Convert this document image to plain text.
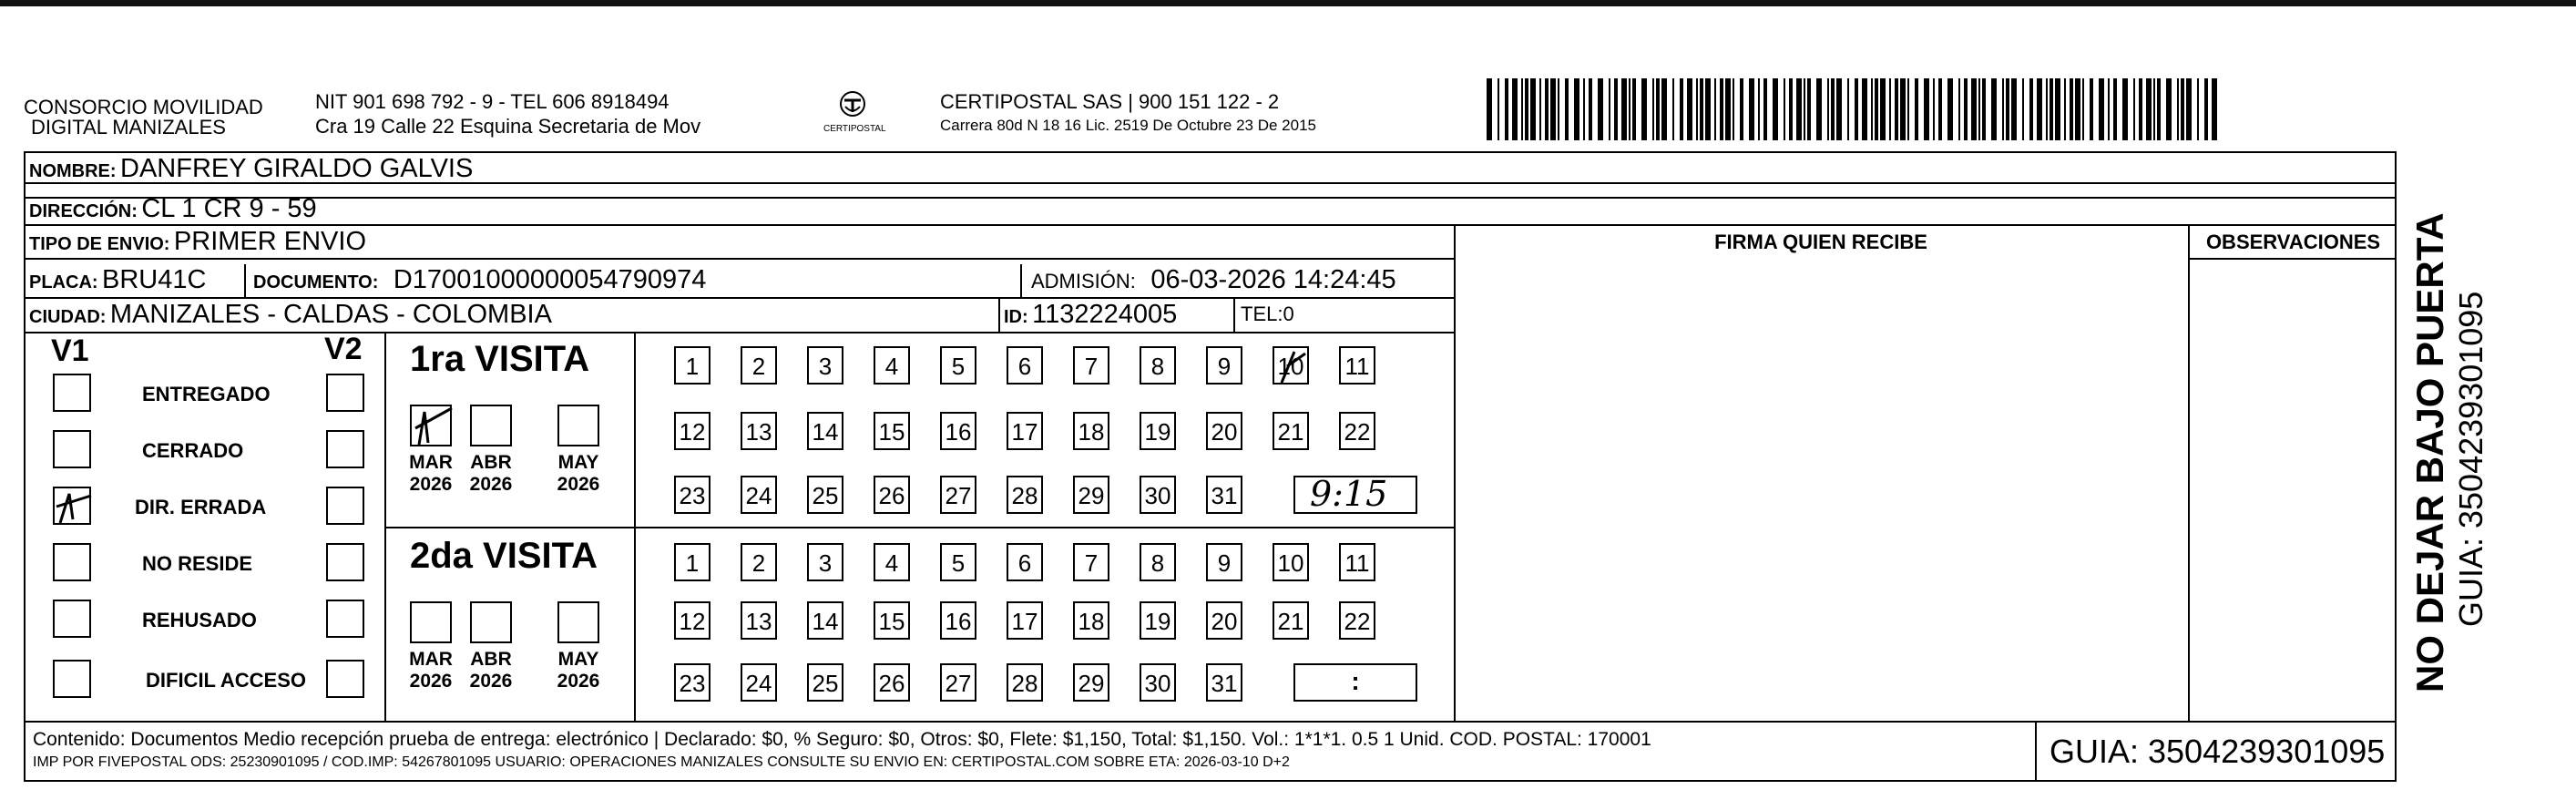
CONSORCIO MOVILIDAD
DIGITAL MANIZALES
NIT 901 698 792 - 9 - TEL 606 8918494
Cra 19 Calle 22 Esquina Secretaria de Mov	CERTIPOSTAL
CERTIPOSTAL SAS | 900 151 122 - 2
Carrera 80d N 18 16 Lic. 2519 De Octubre 23 De 2015
NOMBRE: DANFREY GIRALDO GALVIS
DIRECCIÓN: CL 1 CR 9 - 59
TIPO DE ENVIO: PRIMER ENVIO
PLACA: BRU41C	DOCUMENTO: D17001000000054790974	ADMISIÓN: 06-03-2026 14:24:45
CIUDAD: MANIZALES - CALDAS - COLOMBIA	ID: 1132224005	TEL:0
FIRMA QUIEN RECIBE	OBSERVACIONES
V1	V2
ENTREGADO
CERRADO
DIR. ERRADA
NO RESIDE
REHUSADO
DIFICIL ACCESO
1ra VISITA
MAR
2026
ABR
2026
MAY
2026
1	2	3	4	5	6	7	8	9	10 11
12 13 14 15 16 17 18 19 20 21 22
23 24 25 26 27 28 29 30 31 9:15
2da VISITA
MAR
2026
ABR
2026
MAY
2026
1	2	3	4	5	6	7	8	9	10 11
12 13 14 15 16 17 18 19 20 21 22
23 24 25 26 27 28 29 30 31	:
Contenido: Documentos Medio recepción prueba de entrega: electrónico | Declarado: $0, % Seguro: $0, Otros: $0, Flete: $1,150, Total: $1,150. Vol.: 1*1*1. 0.5 1 Unid. COD. POSTAL: 170001
IMP POR FIVEPOSTAL ODS: 25230901095 / COD.IMP: 54267801095 USUARIO: OPERACIONES MANIZALES CONSULTE SU ENVIO EN: CERTIPOSTAL.COM SOBRE ETA: 2026-03-10 D+2	GUIA: 3504239301095
NO DEJAR BAJO PUERTA GUIA: 3504239301095
